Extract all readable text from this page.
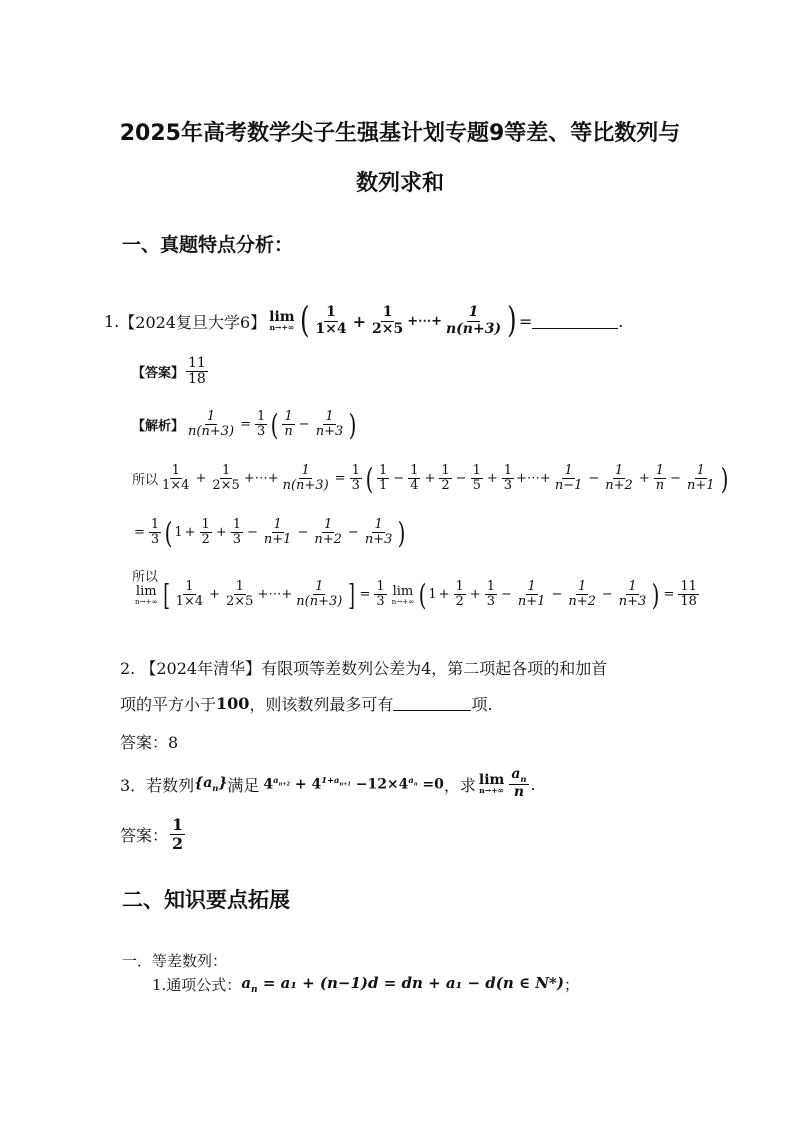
2025年高考数学尖子生强基计划专题9等差、等比数列与
数列求和
一、真题特点分析：
1. 【2024复旦大学6】 lim
n→+∞ ( $\frac{1}{1\times 4} + \frac{1}{2\times 5}$ +⋯+ $\frac{1}{n(n+3)}$ ) =	.
【答案】 $\frac{11}{18}$
【解析】 $\frac{1}{n(n+3)} = \frac{1}{3}$ ( $\frac{1}{n} - \frac{1}{n+3}$ )
所以 $\frac{1}{1\times 4} + \frac{1}{2\times 5}$ +⋯+ $\frac{1}{n(n+3)} = \frac{1}{3}$ ( $\frac{1}{1} - \frac{1}{4} + \frac{1}{2} - \frac{1}{5} + \frac{1}{3}$ +⋯+ $\frac{1}{n-1} - \frac{1}{n+2} + \frac{1}{n} - \frac{1}{n+1}$ )
= $\frac{1}{3}$ ( $1 + \frac{1}{2} + \frac{1}{3} - \frac{1}{n+1} - \frac{1}{n+2} - \frac{1}{n+3}$ )
所以
lim
n→+∞ [ $\frac{1}{1\times 4} + \frac{1}{2\times 5}$ +⋯+ $\frac{1}{n(n+3)}$ ] = $\frac{1}{3}$ lim
n→+∞ ( $1 + \frac{1}{2} + \frac{1}{3} - \frac{1}{n+1} - \frac{1}{n+2} - \frac{1}{n+3}$ ) = $\frac{11}{18}$
2. 【2024年清华】有限项等差数列公差为4，第二项起各项的和加首
项的平方小于 100 ，则该数列最多可有	项.
答案：8
3．若数列 $\{a_n\}$ 满足 $4^{a_{n+2}} + 4^{1+a_{n+1}} -12\times 4^{a_n} =0$ ，求 lim
$n\to+\infty \frac{a_n}{n}$ .
答案： $\frac{1}{2}$
二、知识要点拓展
一．等差数列：
1.通项公式： $a_n = a_1 + (n-1)d$ = dn + a₁ − d(n ∈ N*) ；
